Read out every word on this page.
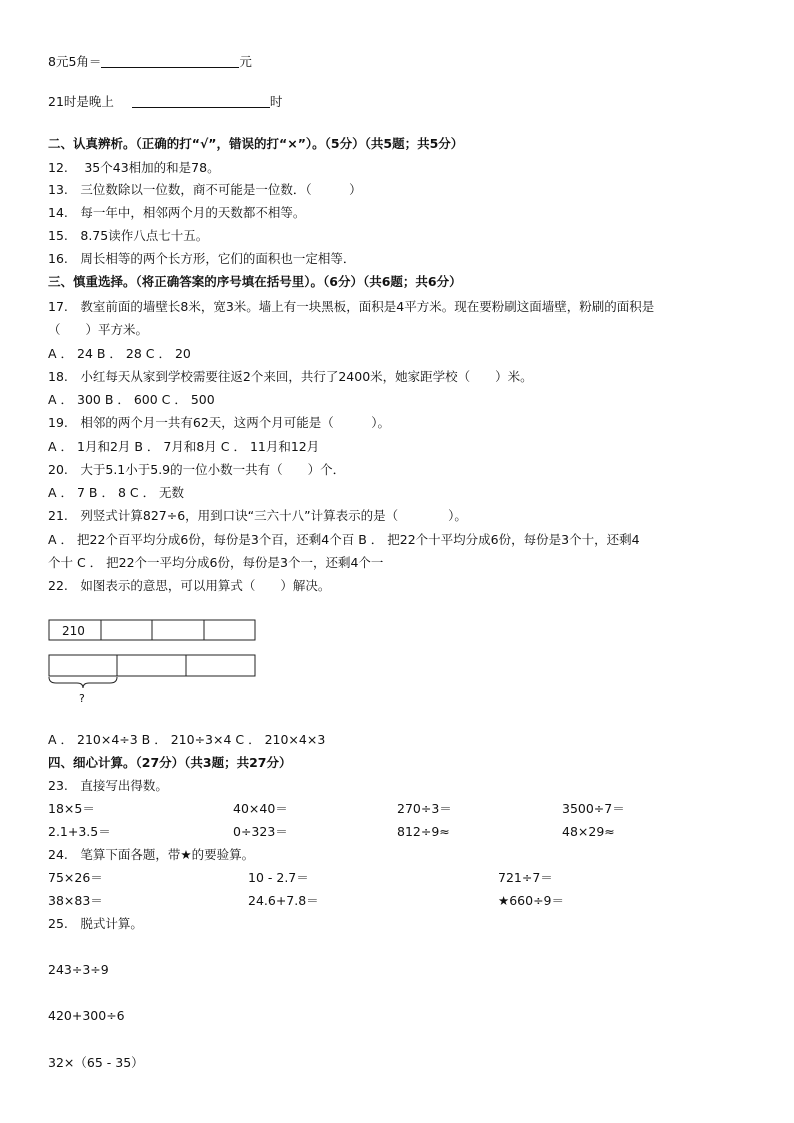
8元5角＝	元
21时是晚上	时
二、认真辨析。（正确的打“√”，错误的打“×”）。（5分）（共5题；共5分）
12.　 35个43相加的和是78。
13.　三位数除以一位数，商不可能是一位数．（　　　）
14.　每一年中，相邻两个月的天数都不相等。
15.　8.75读作八点七十五。
16.　周长相等的两个长方形，它们的面积也一定相等．
三、慎重选择。（将正确答案的序号填在括号里）。（6分）（共6题；共6分）
17.　教室前面的墙壁长8米，宽3米。墙上有一块黑板，面积是4平方米。现在要粉刷这面墙壁，粉刷的面积是
（　　）平方米。
A ． 24 B ． 28 C ． 20
18.　小红每天从家到学校需要往返2个来回，共行了2400米，她家距学校（　　）米。
A ． 300 B ． 600 C ． 500
19.　相邻的两个月一共有62天，这两个月可能是（　　　）。
A ． 1月和2月 B ． 7月和8月 C ． 11月和12月
20.　大于5.1小于5.9的一位小数一共有（　　）个．
A ． 7 B ． 8 C ． 无数
21.　列竖式计算827÷6，用到口诀“三六十八”计算表示的是（　　　　）。
A ． 把22个百平均分成6份，每份是3个百，还剩4个百 B ． 把22个十平均分成6份，每份是3个十，还剩4
个十 C ． 把22个一平均分成6份，每份是3个一，还剩4个一
22.　如图表示的意思，可以用算式（　　）解决。
210
?
A ． 210×4÷3 B ． 210÷3×4 C ． 210×4×3
四、细心计算。（27分）（共3题；共27分）
23.　直接写出得数。
18×5＝	40×40＝	270÷3＝	3500÷7＝
2.1+3.5＝	0÷323＝	812÷9≈	48×29≈
24.　笔算下面各题，带★的要验算。
75×26＝	10 - 2.7＝	721÷7＝
38×83＝	24.6+7.8＝	★660÷9＝
25.　脱式计算。
243÷3÷9
420+300÷6
32×（65 - 35）
